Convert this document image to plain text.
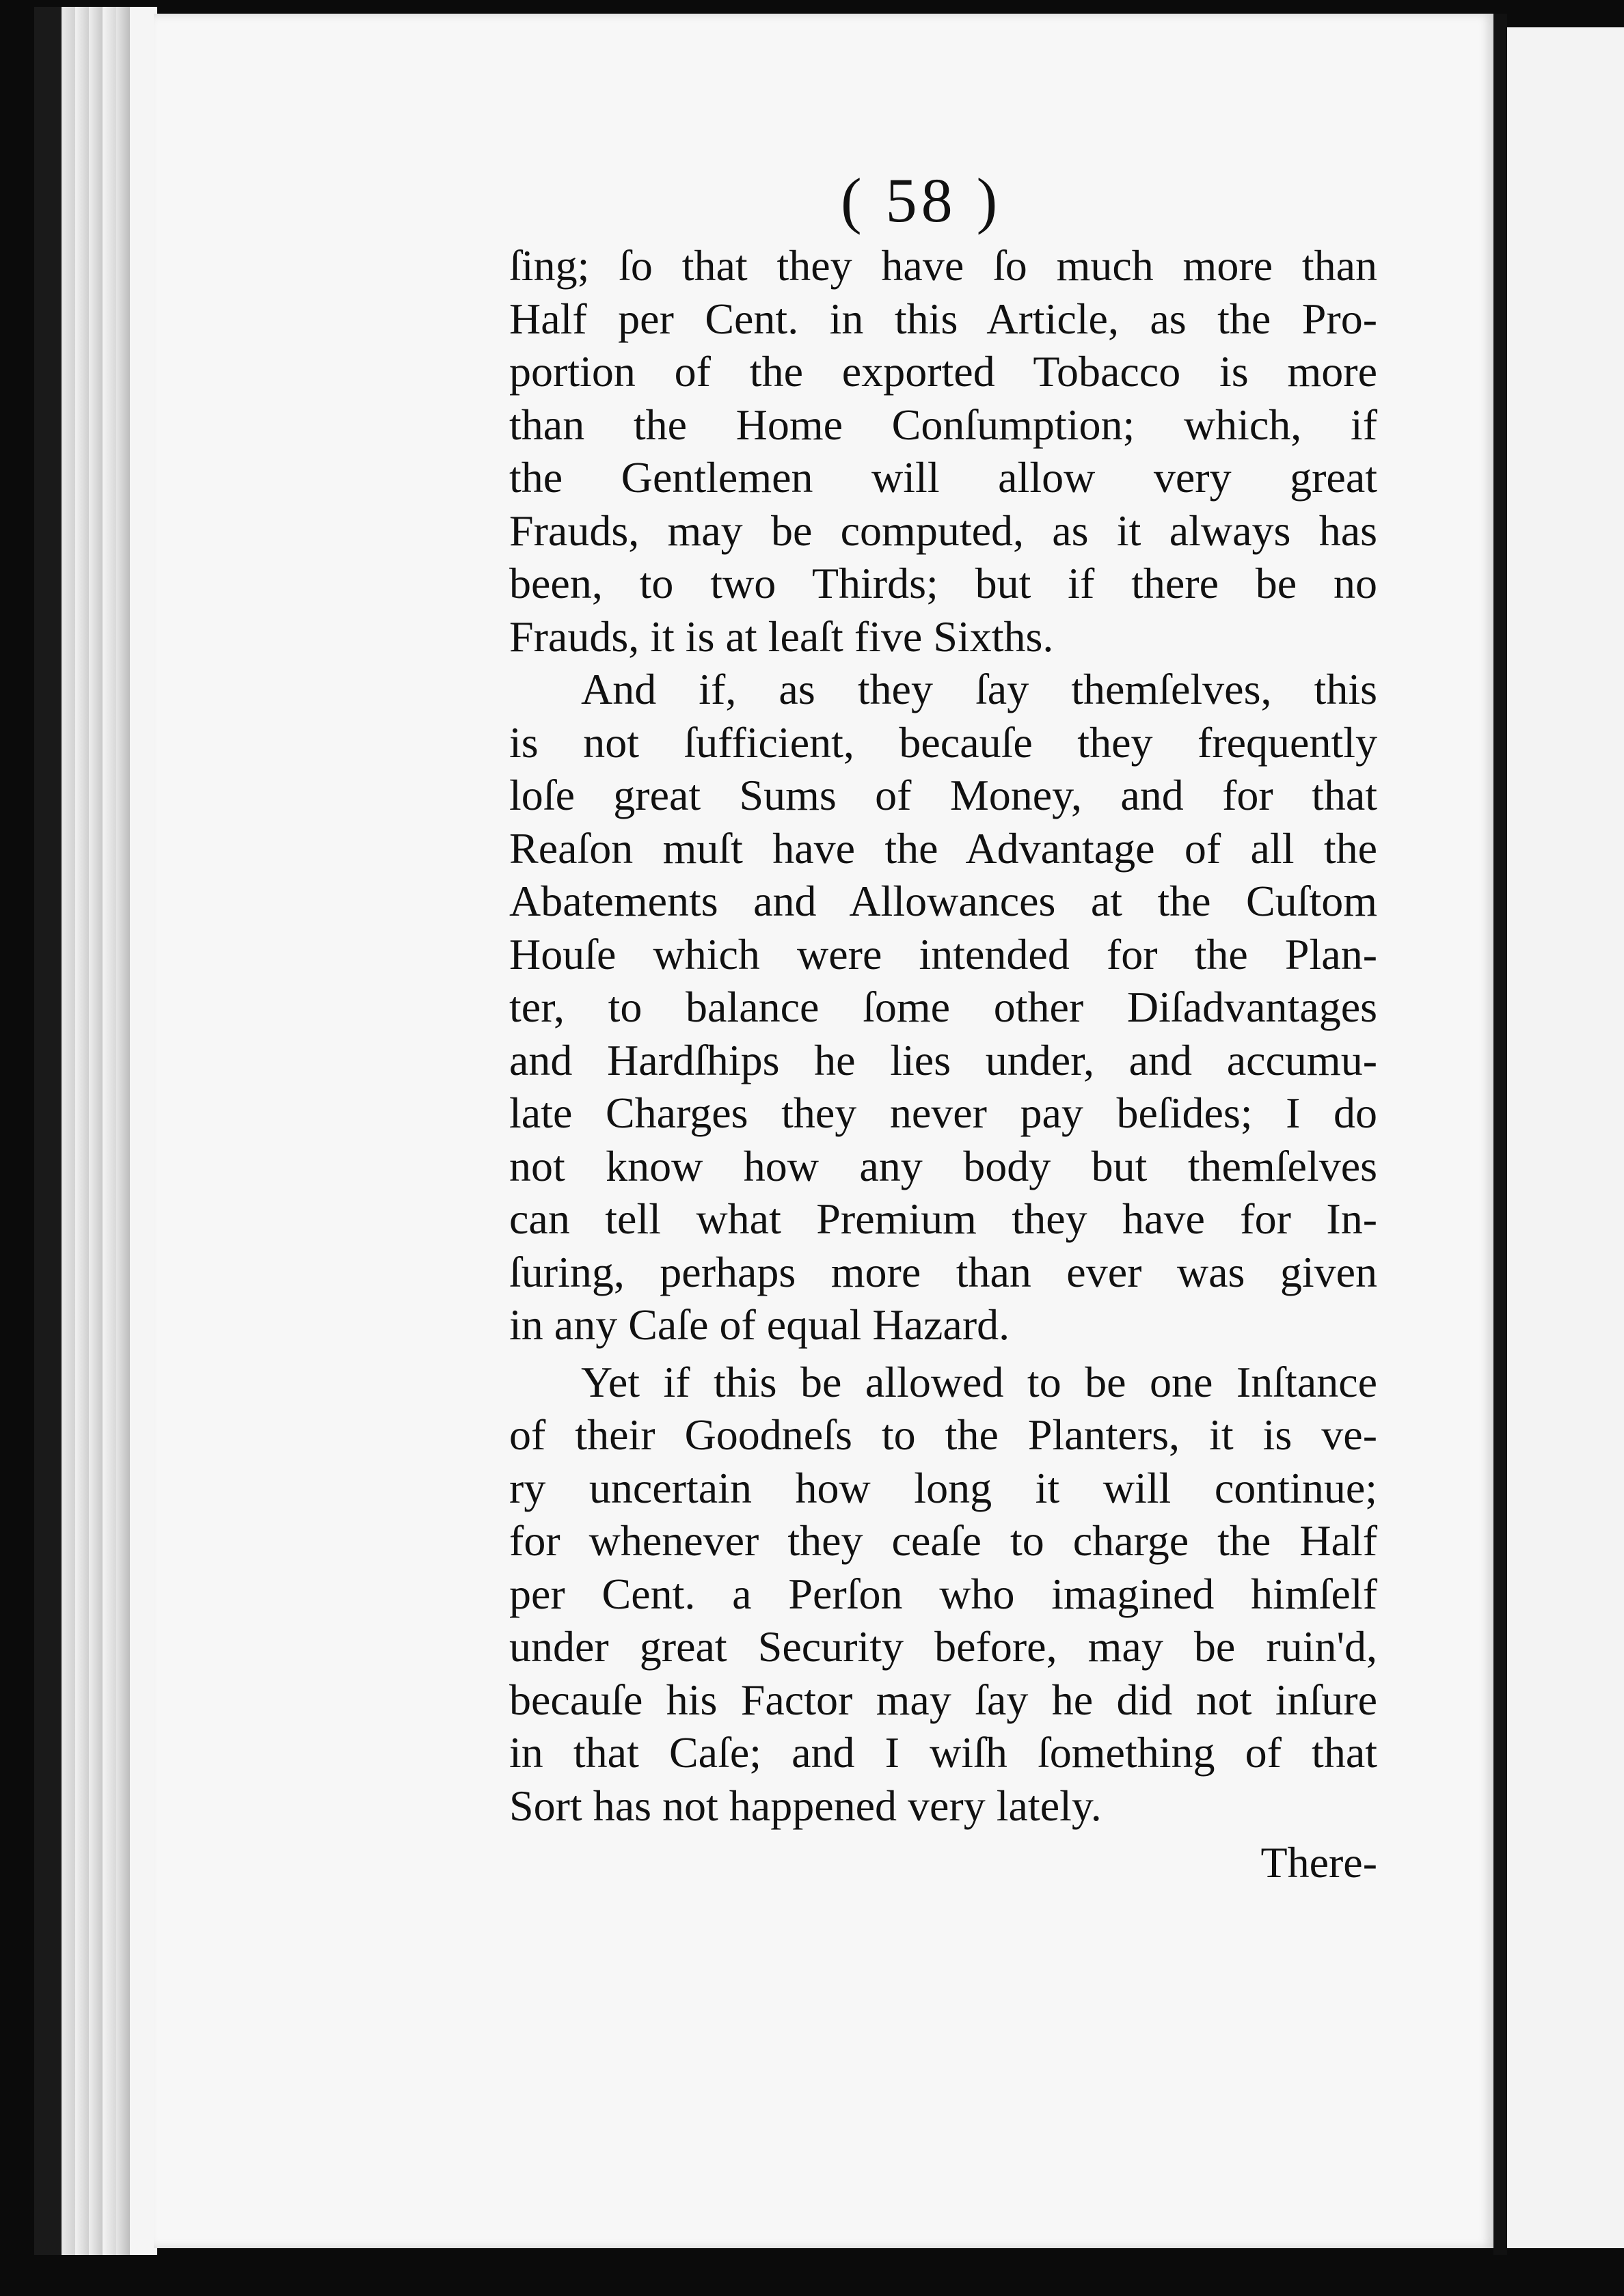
( 58 )
ſing; ſo that they have ſo much more than
Half per Cent. in this Article, as the Pro-
portion of the exported Tobacco is more
than the Home Conſumption; which, if
the Gentlemen will allow very great
Frauds, may be computed, as it always has
been, to two Thirds; but if there be no
Frauds, it is at leaſt five Sixths.
And if, as they ſay themſelves, this
is not ſufficient, becauſe they frequently
loſe great Sums of Money, and for that
Reaſon muſt have the Advantage of all the
Abatements and Allowances at the Cuſtom
Houſe which were intended for the Plan-
ter, to balance ſome other Diſadvantages
and Hardſhips he lies under, and accumu-
late Charges they never pay beſides; I do
not know how any body but themſelves
can tell what Premium they have for In-
ſuring, perhaps more than ever was given
in any Caſe of equal Hazard.
Yet if this be allowed to be one Inſtance
of their Goodneſs to the Planters, it is ve-
ry uncertain how long it will continue;
for whenever they ceaſe to charge the Half
per Cent. a Perſon who imagined himſelf
under great Security before, may be ruin'd,
becauſe his Factor may ſay he did not inſure
in that Caſe; and I wiſh ſomething of that
Sort has not happened very lately.
There-
